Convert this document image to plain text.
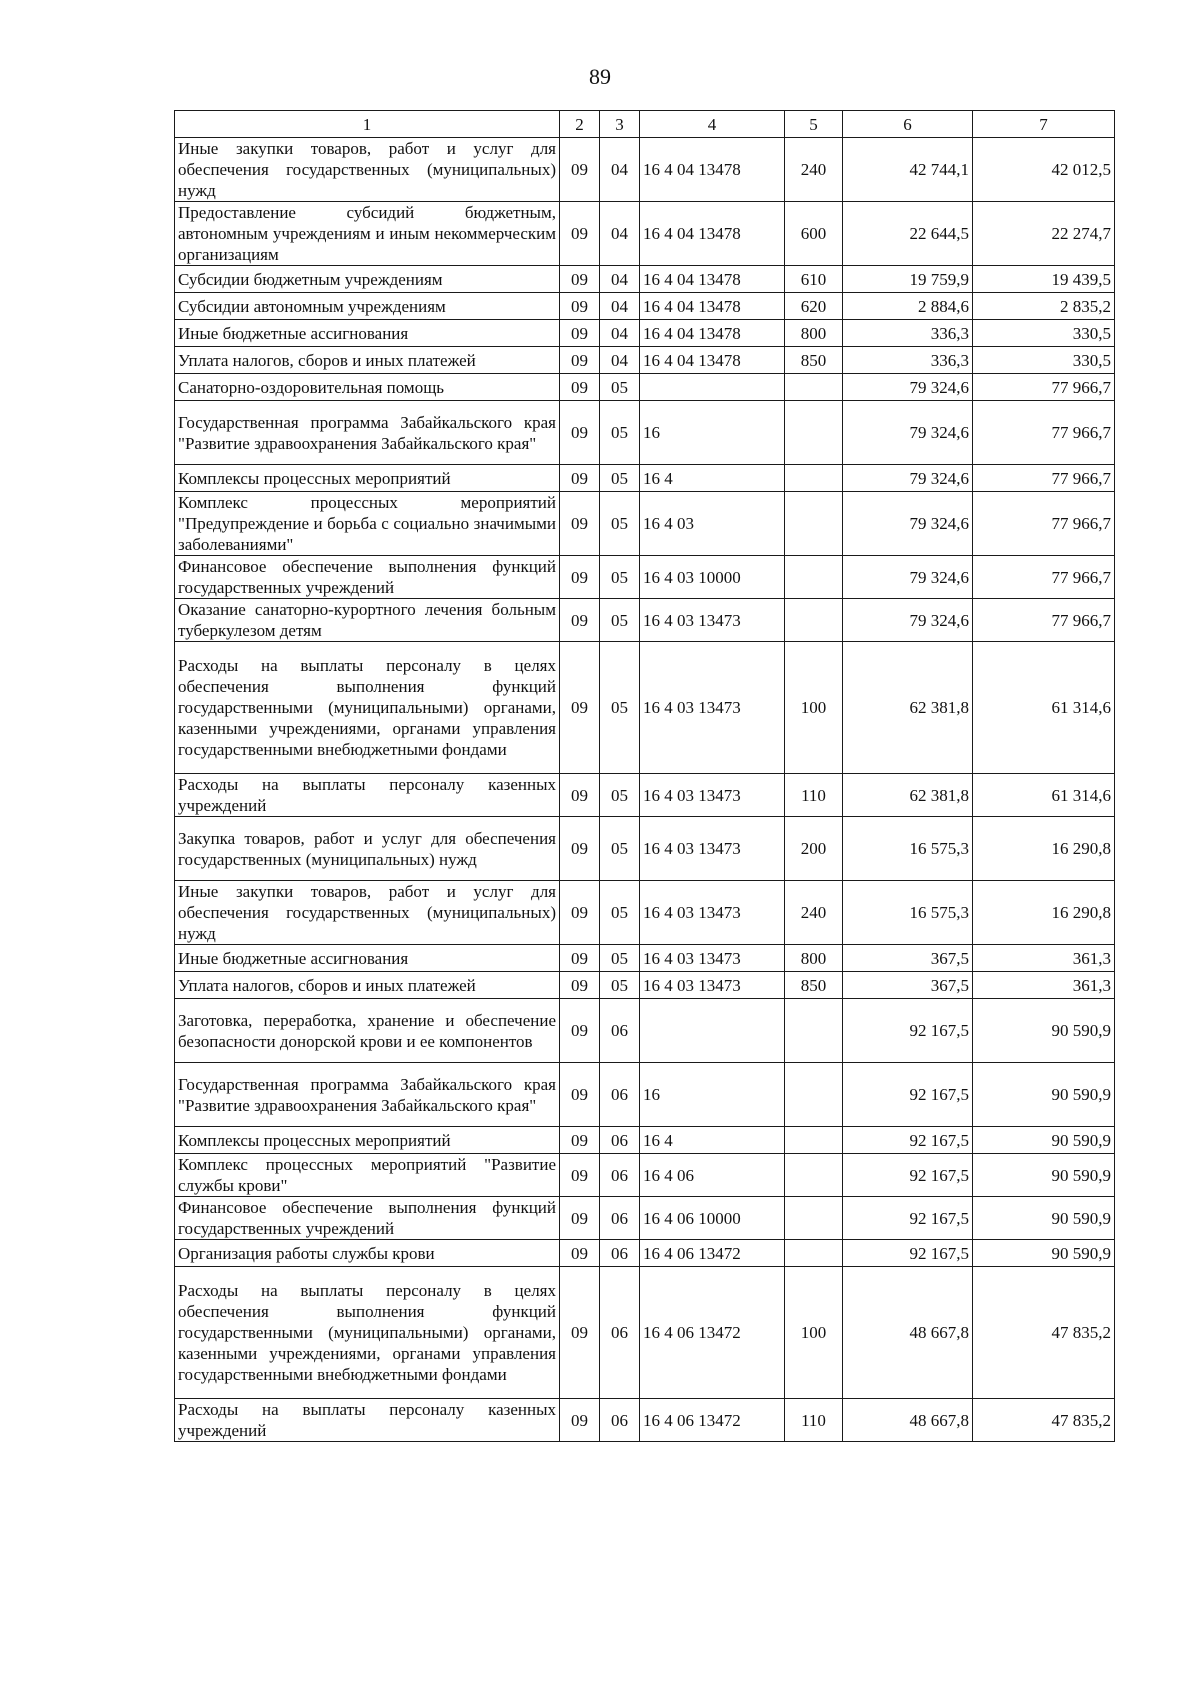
89
1	2	3	4	5	6	7
Иные закупки товаров, работ и услуг для обеспечения государственных (муниципальных) нужд	09	04	16 4 04 13478	240	42 744,1	42 012,5
Предоставление субсидий бюджетным, автономным учреждениям и иным некоммерческим организациям	09	04	16 4 04 13478	600	22 644,5	22 274,7
Субсидии бюджетным учреждениям	09	04	16 4 04 13478	610	19 759,9	19 439,5
Субсидии автономным учреждениям	09	04	16 4 04 13478	620	2 884,6	2 835,2
Иные бюджетные ассигнования	09	04	16 4 04 13478	800	336,3	330,5
Уплата налогов, сборов и иных платежей	09	04	16 4 04 13478	850	336,3	330,5
Санаторно-оздоровительная помощь	09	05			79 324,6	77 966,7
Государственная программа Забайкальского края "Развитие здравоохранения Забайкальского края"	09	05	16		79 324,6	77 966,7
Комплексы процессных мероприятий	09	05	16 4		79 324,6	77 966,7
Комплекс процессных мероприятий "Предупреждение и борьба с социально значимыми заболеваниями"	09	05	16 4 03		79 324,6	77 966,7
Финансовое обеспечение выполнения функций государственных учреждений	09	05	16 4 03 10000		79 324,6	77 966,7
Оказание санаторно-курортного лечения больным туберкулезом детям	09	05	16 4 03 13473		79 324,6	77 966,7
Расходы на выплаты персоналу в целях обеспечения выполнения функций государственными (муниципальными) органами, казенными учреждениями, органами управления государственными внебюджетными фондами	09	05	16 4 03 13473	100	62 381,8	61 314,6
Расходы на выплаты персоналу казенных учреждений	09	05	16 4 03 13473	110	62 381,8	61 314,6
Закупка товаров, работ и услуг для обеспечения государственных (муниципальных) нужд	09	05	16 4 03 13473	200	16 575,3	16 290,8
Иные закупки товаров, работ и услуг для обеспечения государственных (муниципальных) нужд	09	05	16 4 03 13473	240	16 575,3	16 290,8
Иные бюджетные ассигнования	09	05	16 4 03 13473	800	367,5	361,3
Уплата налогов, сборов и иных платежей	09	05	16 4 03 13473	850	367,5	361,3
Заготовка, переработка, хранение и обеспечение безопасности донорской крови и ее компонентов	09	06			92 167,5	90 590,9
Государственная программа Забайкальского края "Развитие здравоохранения Забайкальского края"	09	06	16		92 167,5	90 590,9
Комплексы процессных мероприятий	09	06	16 4		92 167,5	90 590,9
Комплекс процессных мероприятий "Развитие службы крови"	09	06	16 4 06		92 167,5	90 590,9
Финансовое обеспечение выполнения функций государственных учреждений	09	06	16 4 06 10000		92 167,5	90 590,9
Организация работы службы крови	09	06	16 4 06 13472		92 167,5	90 590,9
Расходы на выплаты персоналу в целях обеспечения выполнения функций государственными (муниципальными) органами, казенными учреждениями, органами управления государственными внебюджетными фондами	09	06	16 4 06 13472	100	48 667,8	47 835,2
Расходы на выплаты персоналу казенных учреждений	09	06	16 4 06 13472	110	48 667,8	47 835,2
